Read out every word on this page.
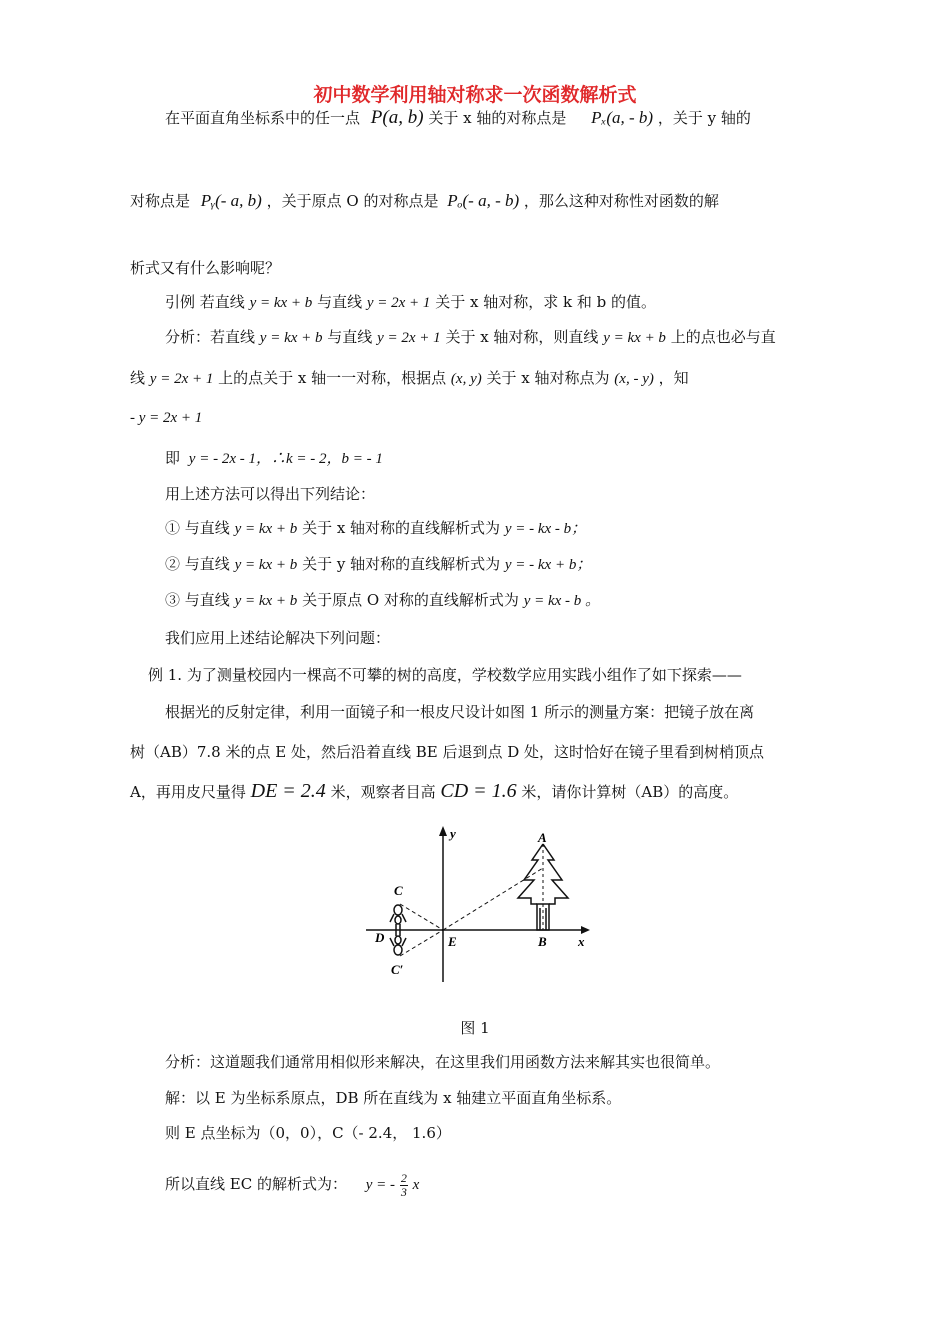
初中数学利用轴对称求一次函数解析式
在平面直角坐标系中的任一点 P(a, b) 关于 x 轴的对称点是 Pₓ(a, - b) ，关于 y 轴的
对称点是 Pᵧ(- a, b) ，关于原点 O 的对称点是 Pₒ(- a, - b) ，那么这种对称性对函数的解
析式又有什么影响呢？
引例 若直线 y = kx + b 与直线 y = 2x + 1 关于 x 轴对称，求 k 和 b 的值。
分析：若直线 y = kx + b 与直线 y = 2x + 1 关于 x 轴对称，则直线 y = kx + b 上的点也必与直
线 y = 2x + 1 上的点关于 x 轴一一对称，根据点 (x, y) 关于 x 轴对称点为 (x, - y) ，知
- y = 2x + 1
即 y = - 2x - 1，∴k = - 2，b = - 1
用上述方法可以得出下列结论：
① 与直线 y = kx + b 关于 x 轴对称的直线解析式为 y = - kx - b；
② 与直线 y = kx + b 关于 y 轴对称的直线解析式为 y = - kx + b；
③ 与直线 y = kx + b 关于原点 O 对称的直线解析式为 y = kx - b 。
我们应用上述结论解决下列问题：
例 1. 为了测量校园内一棵高不可攀的树的高度，学校数学应用实践小组作了如下探索——
根据光的反射定律，利用一面镜子和一根皮尺设计如图 1 所示的测量方案：把镜子放在离
树（AB）7.8 米的点 E 处，然后沿着直线 BE 后退到点 D 处，这时恰好在镜子里看到树梢顶点
A，再用皮尺量得 DE = 2.4 米，观察者目高 CD = 1.6 米，请你计算树（AB）的高度。
y
x
A
B
C
D	E
C′
图 1
分析：这道题我们通常用相似形来解决，在这里我们用函数方法来解其实也很简单。
解：以 E 为坐标系原点，DB 所在直线为 x 轴建立平面直角坐标系。
则 E 点坐标为（0，0），C（- 2.4， 1.6）
所以直线 EC 的解析式为： y = - $\frac{2}{3}$ x
